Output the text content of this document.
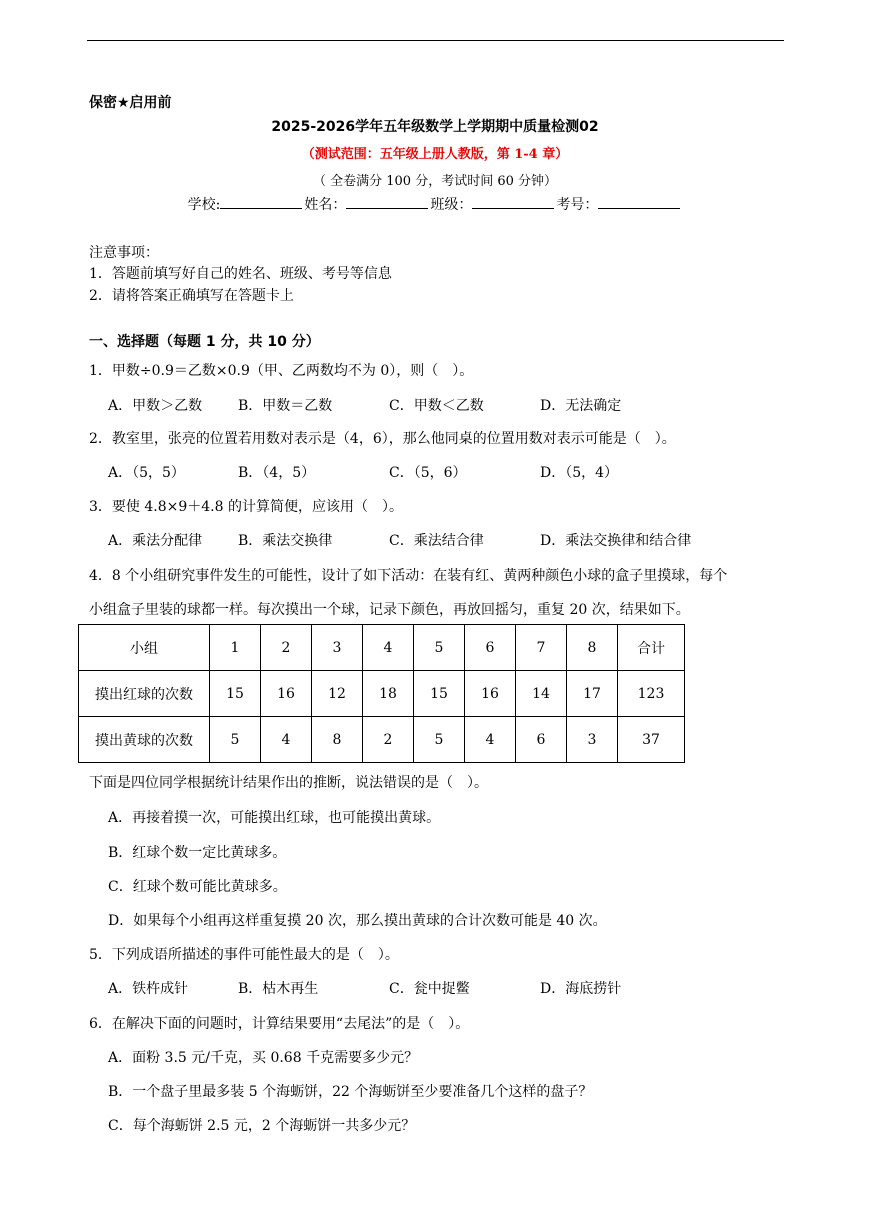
保密★启用前
2025-2026学年五年级数学上学期期中质量检测02
（测试范围：五年级上册人教版，第 1-4 章）
（ 全卷满分 100 分，考试时间 60 分钟）
学校:	姓名：	班级：	考号：
注意事项：
1．答题前填写好自己的姓名、班级、考号等信息
2．请将答案正确填写在答题卡上
一、选择题（每题 1 分，共 10 分）
1．甲数÷0.9＝乙数×0.9（甲、乙两数均不为 0），则（　）。
A．甲数＞乙数	B．甲数＝乙数	C．甲数＜乙数	D．无法确定
2．教室里，张亮的位置若用数对表示是（4，6），那么他同桌的位置用数对表示可能是（　）。
A．（5，5）	B．（4，5）	C．（5，6）	D．（5，4）
3．要使 4.8×9＋4.8 的计算简便，应该用（　）。
A．乘法分配律	B．乘法交换律	C．乘法结合律	D．乘法交换律和结合律
4．8 个小组研究事件发生的可能性，设计了如下活动：在装有红、黄两种颜色小球的盒子里摸球，每个
小组盒子里装的球都一样。每次摸出一个球，记录下颜色，再放回摇匀，重复 20 次，结果如下。
小组	1	2	3	4	5	6	7	8	合计
摸出红球的次数	15	16	12	18	15	16	14	17	123
摸出黄球的次数	5	4	8	2	5	4	6	3	37
下面是四位同学根据统计结果作出的推断，说法错误的是（　）。
A．再接着摸一次，可能摸出红球，也可能摸出黄球。
B．红球个数一定比黄球多。
C．红球个数可能比黄球多。
D．如果每个小组再这样重复摸 20 次，那么摸出黄球的合计次数可能是 40 次。
5．下列成语所描述的事件可能性最大的是（　）。
A．铁杵成针	B．枯木再生	C．瓮中捉鳖	D．海底捞针
6．在解决下面的问题时，计算结果要用“去尾法”的是（　）。
A．面粉 3.5 元/千克，买 0.68 千克需要多少元？
B．一个盘子里最多装 5 个海蛎饼，22 个海蛎饼至少要准备几个这样的盘子？
C．每个海蛎饼 2.5 元，2 个海蛎饼一共多少元？
